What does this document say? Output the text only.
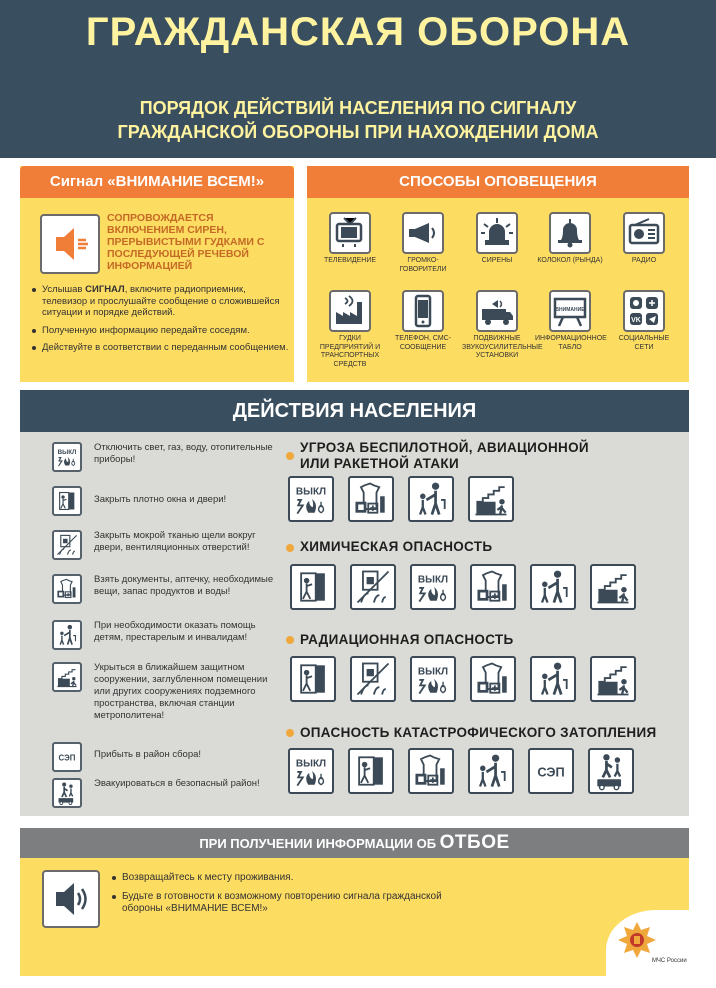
ГРАЖДАНСКАЯ ОБОРОНА
ПОРЯДОК ДЕЙСТВИЙ НАСЕЛЕНИЯ ПО СИГНАЛУ
ГРАЖДАНСКОЙ ОБОРОНЫ ПРИ НАХОЖДЕНИИ ДОМА
Сигнал «ВНИМАНИЕ ВСЕМ!»
СОПРОВОЖДАЕТСЯ ВКЛЮЧЕНИЕМ СИРЕН, ПРЕРЫВИСТЫМИ ГУДКАМИ С ПОСЛЕДУЮЩЕЙ РЕЧЕВОЙ ИНФОРМАЦИЕЙ
Услышав СИГНАЛ, включите радиоприемник, телевизор и прослушайте сообщение о сложившейся ситуации и порядке действий.
Полученную информацию передайте соседям.
Действуйте в соответствии с переданным сообщением.
СПОСОБЫ ОПОВЕЩЕНИЯ
ТЕЛЕВИДЕНИЕ	ГРОМКО-ГОВОРИТЕЛИ
СИРЕНЫ	КОЛОКОЛ (РЫНДА)	РАДИО
ГУДКИ ПРЕДПРИЯТИЙ И ТРАНСПОРТНЫХ СРЕДСТВ
ТЕЛЕФОН, СМС-СООБЩЕНИЕ
ПОДВИЖНЫЕ ЗВУКОУСИЛИТЕЛЬНЫЕ УСТАНОВКИ
ВНИМАНИЕ
ИНФОРМАЦИОННОЕ ТАБЛО
VK
СОЦИАЛЬНЫЕ СЕТИ
ДЕЙСТВИЯ НАСЕЛЕНИЯ
Отключить свет, газ, воду, отопительные приборы!
Закрыть плотно окна и двери!
Закрыть мокрой тканью щели вокруг двери, вентиляционных отверстий!
Взять документы, аптечку, необходимые вещи, запас продуктов и воды!
При необходимости оказать помощь детям, престарелым и инвалидам!
Укрыться в ближайшем защитном сооружении, заглубленном помещении или других сооружениях подземного пространства, включая станции метрополитена!
Прибыть в район сбора!
Эвакуироваться в безопасный район!
УГРОЗА БЕСПИЛОТНОЙ, АВИАЦИОННОЙ
ИЛИ РАКЕТНОЙ АТАКИ
ХИМИЧЕСКАЯ ОПАСНОСТЬ
РАДИАЦИОННАЯ ОПАСНОСТЬ
ОПАСНОСТЬ КАТАСТРОФИЧЕСКОГО ЗАТОПЛЕНИЯ
ПРИ ПОЛУЧЕНИИ ИНФОРМАЦИИ ОБ ОТБОЕ
Возвращайтесь к месту проживания.
Будьте в готовности к возможному повторению сигнала гражданской обороны «ВНИМАНИЕ ВСЕМ!»
МЧС России
